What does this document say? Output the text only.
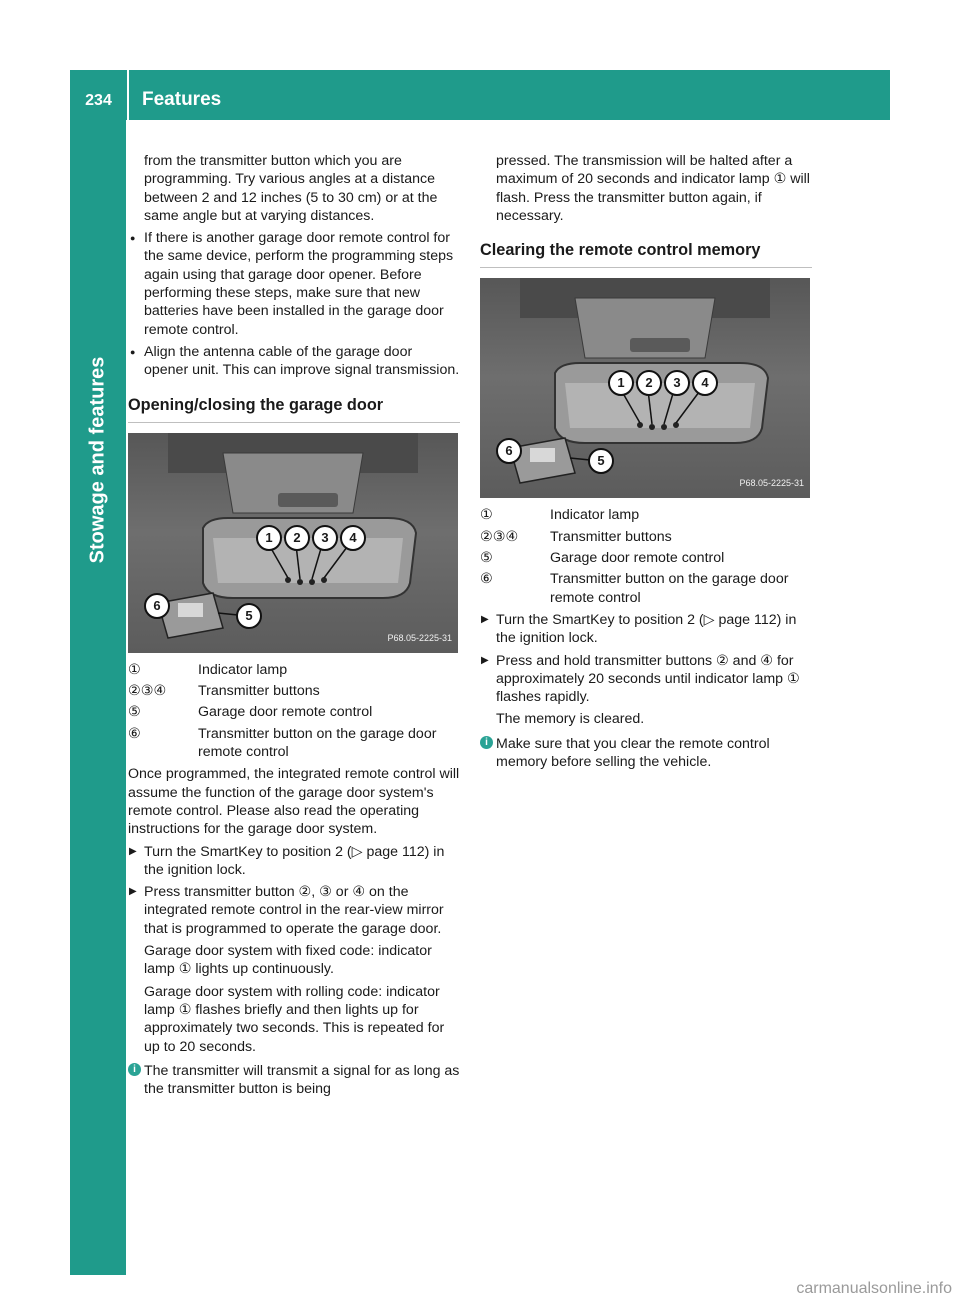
234	Features
Stowage and features

from the transmitter button which you are programming. Try various angles at a distance between 2 and 12 inches (5 to 30 cm) or at the same angle but at varying distances.

● If there is another garage door remote control for the same device, perform the programming steps again using that garage door opener. Before performing these steps, make sure that new batteries have been installed in the garage door remote control.
● Align the antenna cable of the garage door opener unit. This can improve signal transmission.
Opening/closing the garage door
1	2	3	4
5
6
P68.05-2225-31
①	Indicator lamp
②③④	Transmitter buttons
⑤	Garage door remote control
⑥	Transmitter button on the garage door remote control

Once programmed, the integrated remote control will assume the function of the garage door system's remote control. Please also read the operating instructions for the garage door system.

▶ Turn the SmartKey to position 2 (▷ page 112) in the ignition lock.
▶ Press transmitter button ②, ③ or ④ on the integrated remote control in the rear-view mirror that is programmed to operate the garage door.
Garage door system with fixed code: indicator lamp ① lights up continuously.
Garage door system with rolling code: indicator lamp ① flashes briefly and then lights up for approximately two seconds. This is repeated for up to 20 seconds.
i The transmitter will transmit a signal for as long as the transmitter button is being

pressed. The transmission will be halted after a maximum of 20 seconds and indicator lamp ① will flash. Press the transmitter button again, if necessary.

Clearing the remote control memory
1	2	3	4
5
6
P68.05-2225-31
①	Indicator lamp
②③④	Transmitter buttons
⑤	Garage door remote control
⑥	Transmitter button on the garage door remote control
▶ Turn the SmartKey to position 2 (▷ page 112) in the ignition lock.
▶ Press and hold transmitter buttons ② and ④ for approximately 20 seconds until indicator lamp ① flashes rapidly.
The memory is cleared.
i Make sure that you clear the remote control memory before selling the vehicle.
carmanualsonline.info
